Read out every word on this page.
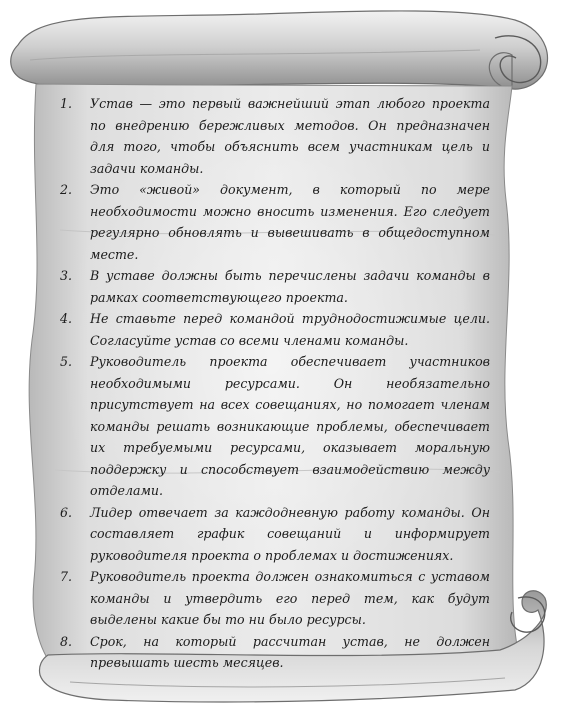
1.	Устав — это первый важнейший этап любого проекта по внедрению бережливых методов. Он предназначен для того, чтобы объяснить всем участникам цель и задачи команды.
2.	Это «живой» документ, в который по мере необходимости можно вносить изменения. Его следует регулярно обновлять и вывешивать в общедоступном месте.
3.	В уставе должны быть перечислены задачи команды в рамках соответствующего проекта.
4.	Не ставьте перед командой труднодостижимые цели. Согласуйте устав со всеми членами команды.
5.	Руководитель проекта обеспечивает участников необходимыми ресурсами. Он необязательно присутствует на всех совещаниях, но помогает членам команды решать возникающие проблемы, обеспечивает их требуемыми ресурсами, оказывает моральную поддержку и способствует взаимодействию между отделами.
6.	Лидер отвечает за каждодневную работу команды. Он составляет график совещаний и информирует руководителя проекта о проблемах и достижениях.
7.	Руководитель проекта должен ознакомиться с уставом команды и утвердить его перед тем, как будут выделены какие бы то ни было ресурсы.
8.	Срок, на который рассчитан устав, не должен превышать шесть месяцев.
